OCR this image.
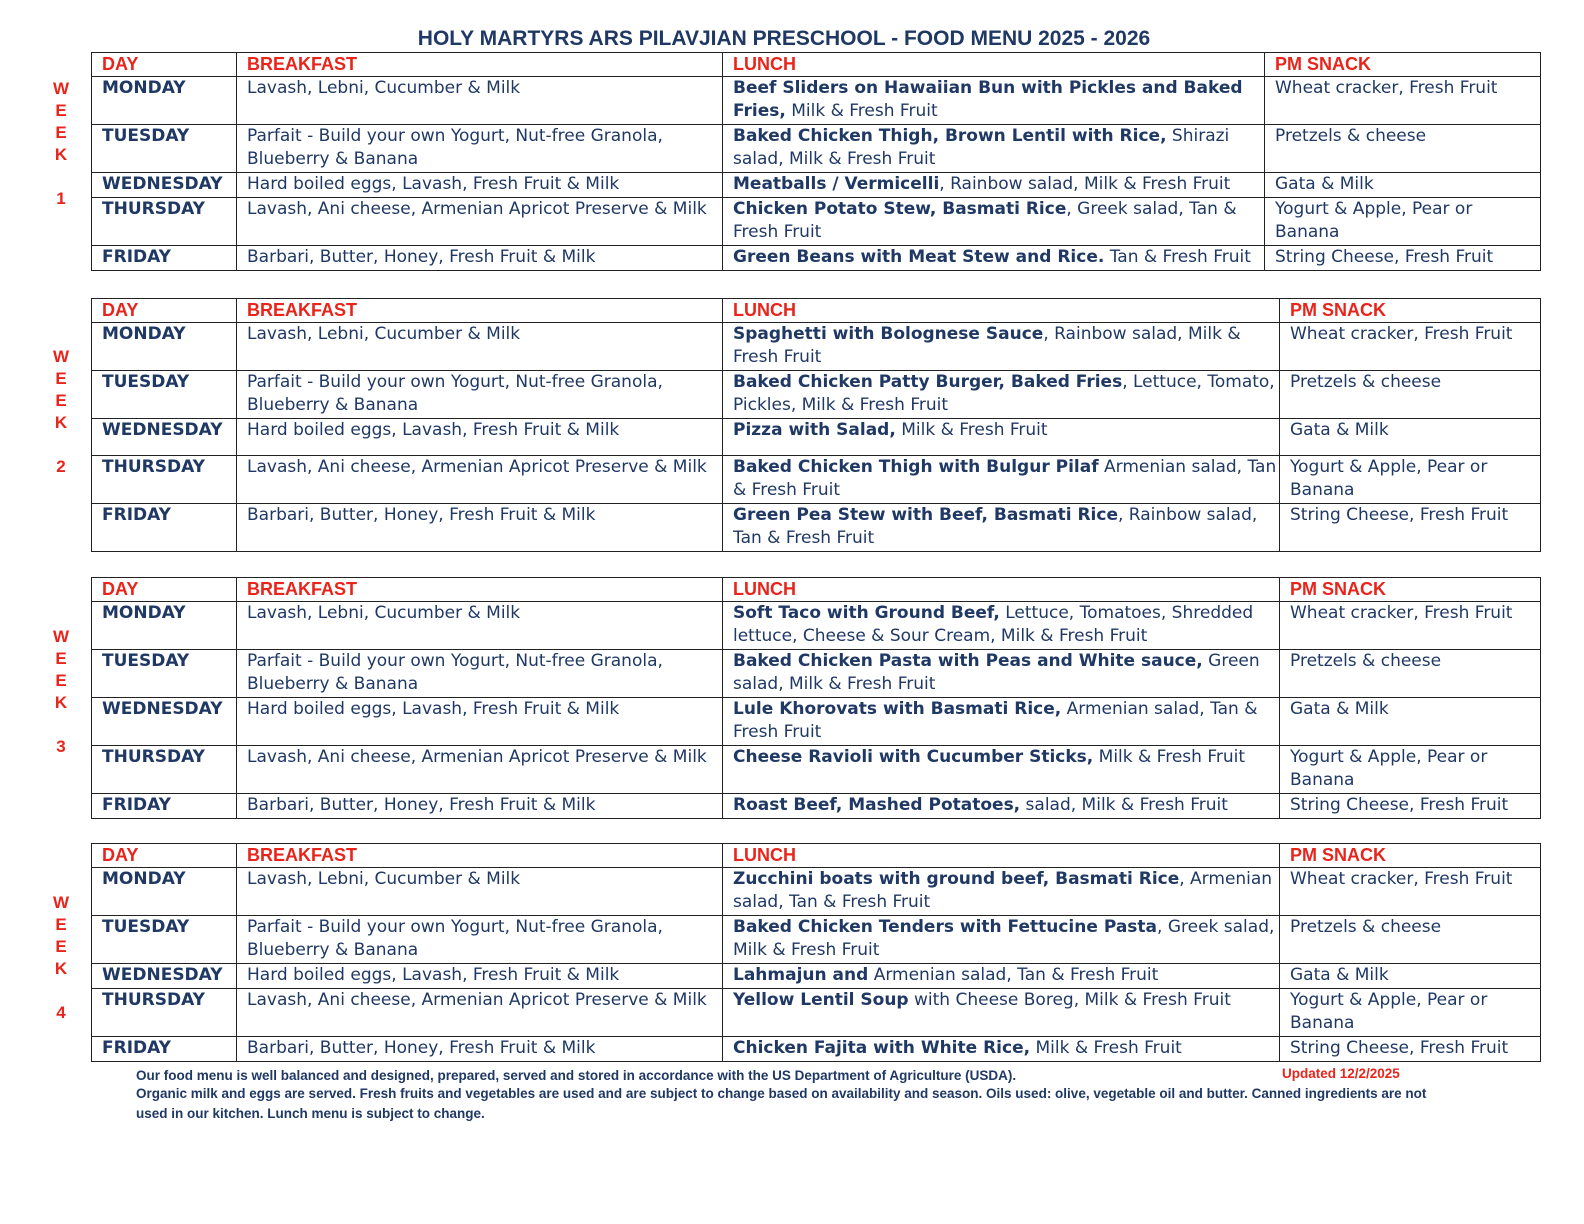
HOLY MARTYRS ARS PILAVJIAN PRESCHOOL - FOOD MENU 2025 - 2026
W
E
E
K
1
DAY	BREAKFAST	LUNCH	PM SNACK
MONDAY	Lavash, Lebni, Cucumber & Milk	Beef Sliders on Hawaiian Bun with Pickles and Baked Fries, Milk & Fresh Fruit	Wheat cracker, Fresh Fruit
TUESDAY	Parfait - Build your own Yogurt, Nut-free Granola, Blueberry & Banana	Baked Chicken Thigh, Brown Lentil with Rice, Shirazi salad, Milk & Fresh Fruit	Pretzels & cheese
WEDNESDAY	Hard boiled eggs, Lavash, Fresh Fruit & Milk	Meatballs / Vermicelli, Rainbow salad, Milk & Fresh Fruit	Gata & Milk
THURSDAY	Lavash, Ani cheese, Armenian Apricot Preserve & Milk	Chicken Potato Stew, Basmati Rice, Greek salad, Tan & Fresh Fruit	Yogurt & Apple, Pear or Banana
FRIDAY	Barbari, Butter, Honey, Fresh Fruit & Milk	Green Beans with Meat Stew and Rice. Tan & Fresh Fruit	String Cheese, Fresh Fruit
W
E
E
K
2
DAY	BREAKFAST	LUNCH	PM SNACK
MONDAY	Lavash, Lebni, Cucumber & Milk	Spaghetti with Bolognese Sauce, Rainbow salad, Milk & Fresh Fruit	Wheat cracker, Fresh Fruit
TUESDAY	Parfait - Build your own Yogurt, Nut-free Granola, Blueberry & Banana	Baked Chicken Patty Burger, Baked Fries, Lettuce, Tomato, Pickles, Milk & Fresh Fruit	Pretzels & cheese
WEDNESDAY	Hard boiled eggs, Lavash, Fresh Fruit & Milk	Pizza with Salad, Milk & Fresh Fruit	Gata & Milk
THURSDAY	Lavash, Ani cheese, Armenian Apricot Preserve & Milk	Baked Chicken Thigh with Bulgur Pilaf Armenian salad, Tan & Fresh Fruit	Yogurt & Apple, Pear or Banana
FRIDAY	Barbari, Butter, Honey, Fresh Fruit & Milk	Green Pea Stew with Beef, Basmati Rice, Rainbow salad, Tan & Fresh Fruit	String Cheese, Fresh Fruit
W
E
E
K
3
DAY	BREAKFAST	LUNCH	PM SNACK
MONDAY	Lavash, Lebni, Cucumber & Milk	Soft Taco with Ground Beef, Lettuce, Tomatoes, Shredded lettuce, Cheese & Sour Cream, Milk & Fresh Fruit	Wheat cracker, Fresh Fruit
TUESDAY	Parfait - Build your own Yogurt, Nut-free Granola, Blueberry & Banana	Baked Chicken Pasta with Peas and White sauce, Green salad, Milk & Fresh Fruit	Pretzels & cheese
WEDNESDAY	Hard boiled eggs, Lavash, Fresh Fruit & Milk	Lule Khorovats with Basmati Rice, Armenian salad, Tan & Fresh Fruit	Gata & Milk
THURSDAY	Lavash, Ani cheese, Armenian Apricot Preserve & Milk	Cheese Ravioli with Cucumber Sticks, Milk & Fresh Fruit	Yogurt & Apple, Pear or Banana
FRIDAY	Barbari, Butter, Honey, Fresh Fruit & Milk	Roast Beef, Mashed Potatoes, salad, Milk & Fresh Fruit	String Cheese, Fresh Fruit
W
E
E
K
4
DAY	BREAKFAST	LUNCH	PM SNACK
MONDAY	Lavash, Lebni, Cucumber & Milk	Zucchini boats with ground beef, Basmati Rice, Armenian salad, Tan & Fresh Fruit	Wheat cracker, Fresh Fruit
TUESDAY	Parfait - Build your own Yogurt, Nut-free Granola, Blueberry & Banana	Baked Chicken Tenders with Fettucine Pasta, Greek salad, Milk & Fresh Fruit	Pretzels & cheese
WEDNESDAY	Hard boiled eggs, Lavash, Fresh Fruit & Milk	Lahmajun and Armenian salad, Tan & Fresh Fruit	Gata & Milk
THURSDAY	Lavash, Ani cheese, Armenian Apricot Preserve & Milk	Yellow Lentil Soup with Cheese Boreg, Milk & Fresh Fruit	Yogurt & Apple, Pear or Banana
FRIDAY	Barbari, Butter, Honey, Fresh Fruit & Milk	Chicken Fajita with White Rice, Milk & Fresh Fruit	String Cheese, Fresh Fruit
Our food menu is well balanced and designed, prepared, served and stored in accordance with the US Department of Agriculture (USDA).	Updated 12/2/2025
Organic milk and eggs are served. Fresh fruits and vegetables are used and are subject to change based on availability and season. Oils used: olive, vegetable oil and butter. Canned ingredients are not used in our kitchen. Lunch menu is subject to change.
